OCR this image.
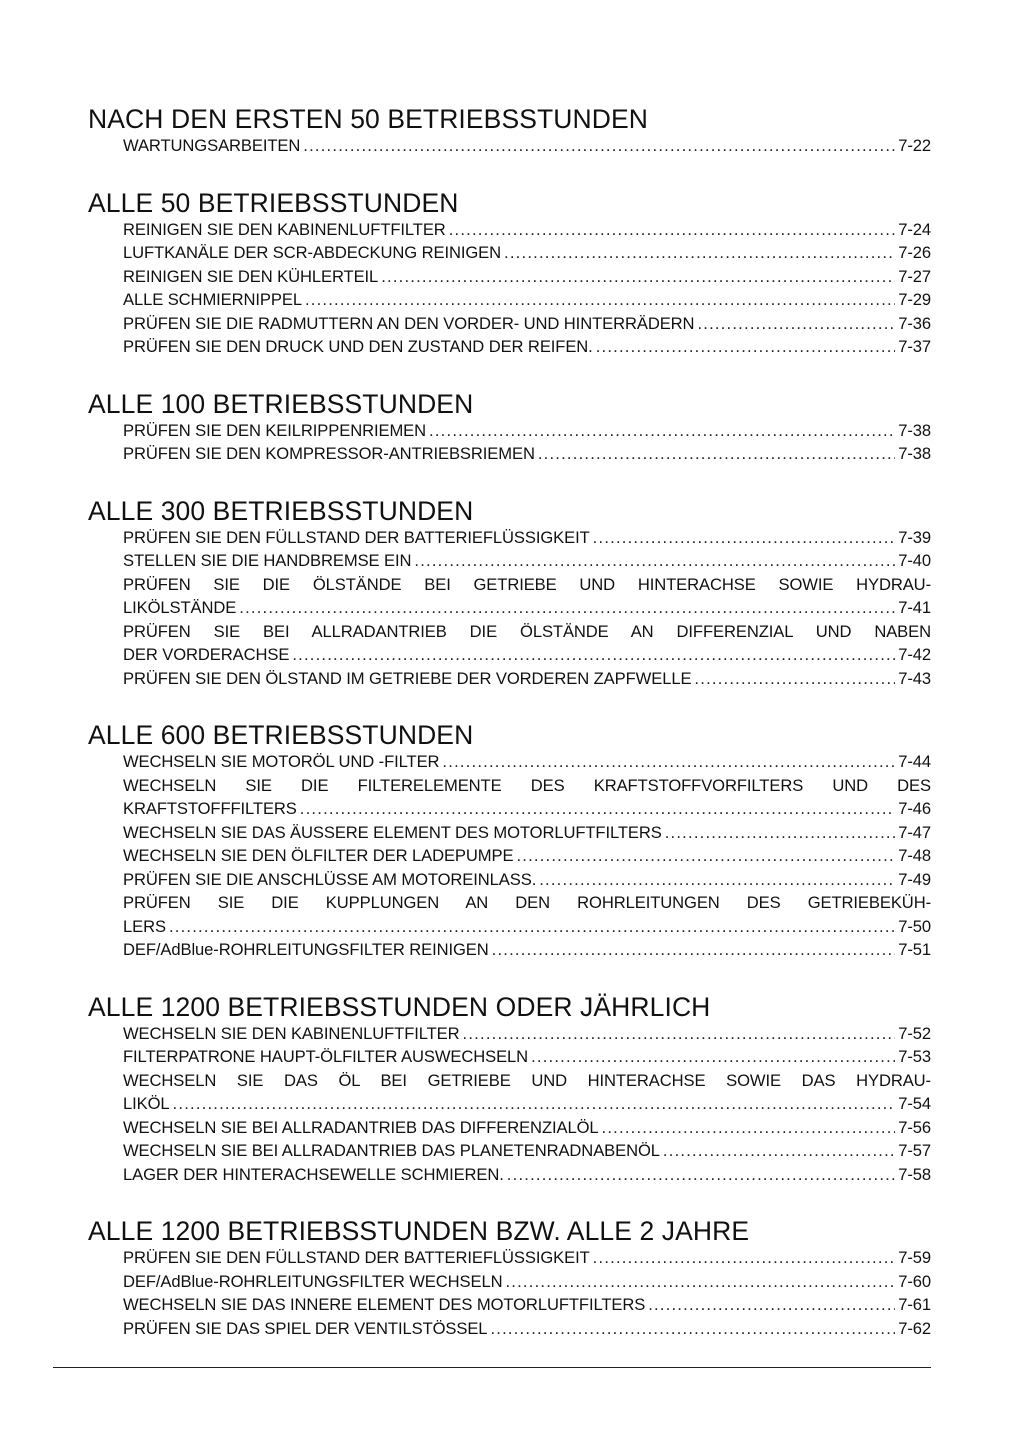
NACH DEN ERSTEN 50 BETRIEBSSTUNDEN
WARTUNGSARBEITEN . . .	7-22
ALLE 50 BETRIEBSSTUNDEN
REINIGEN SIE DEN KABINENLUFTFILTER . . .	7-24
LUFTKANÄLE DER SCR-ABDECKUNG REINIGEN . . .	7-26
REINIGEN SIE DEN KÜHLERTEIL . . .	7-27
ALLE SCHMIERNIPPEL . . .	7-29
PRÜFEN SIE DIE RADMUTTERN AN DEN VORDER- UND HINTERRÄDERN . . .	7-36
PRÜFEN SIE DEN DRUCK UND DEN ZUSTAND DER REIFEN. . . .	7-37
ALLE 100 BETRIEBSSTUNDEN
PRÜFEN SIE DEN KEILRIPPENRIEMEN . . .	7-38
PRÜFEN SIE DEN KOMPRESSOR-ANTRIEBSRIEMEN . . .	7-38
ALLE 300 BETRIEBSSTUNDEN
PRÜFEN SIE DEN FÜLLSTAND DER BATTERIEFLÜSSIGKEIT . . .	7-39
STELLEN SIE DIE HANDBREMSE EIN . . .	7-40
PRÜFEN SIE DIE ÖLSTÄNDE BEI GETRIEBE UND HINTERACHSE SOWIE HYDRAU-
LIKÖLSTÄNDE . . .	7-41
PRÜFEN SIE BEI ALLRADANTRIEB DIE ÖLSTÄNDE AN DIFFERENZIAL UND NABEN
DER VORDERACHSE . . .	7-42
PRÜFEN SIE DEN ÖLSTAND IM GETRIEBE DER VORDEREN ZAPFWELLE . . .	7-43
ALLE 600 BETRIEBSSTUNDEN
WECHSELN SIE MOTORÖL UND -FILTER . . .	7-44
WECHSELN SIE DIE FILTERELEMENTE DES KRAFTSTOFFVORFILTERS UND DES
KRAFTSTOFFFILTERS . . .	7-46
WECHSELN SIE DAS ÄUSSERE ELEMENT DES MOTORLUFTFILTERS . . .	7-47
WECHSELN SIE DEN ÖLFILTER DER LADEPUMPE . . .	7-48
PRÜFEN SIE DIE ANSCHLÜSSE AM MOTOREINLASS. . . .	7-49
PRÜFEN SIE DIE KUPPLUNGEN AN DEN ROHRLEITUNGEN DES GETRIEBEKÜH-
LERS . . .	7-50
DEF/AdBlue-ROHRLEITUNGSFILTER REINIGEN . . .	7-51
ALLE 1200 BETRIEBSSTUNDEN ODER JÄHRLICH
WECHSELN SIE DEN KABINENLUFTFILTER . . .	7-52
FILTERPATRONE HAUPT-ÖLFILTER AUSWECHSELN . . .	7-53
WECHSELN SIE DAS ÖL BEI GETRIEBE UND HINTERACHSE SOWIE DAS HYDRAU-
LIKÖL . . .	7-54
WECHSELN SIE BEI ALLRADANTRIEB DAS DIFFERENZIALÖL . . .	7-56
WECHSELN SIE BEI ALLRADANTRIEB DAS PLANETENRADNABENÖL . . .	7-57
LAGER DER HINTERACHSEWELLE SCHMIEREN. . . .	7-58
ALLE 1200 BETRIEBSSTUNDEN BZW. ALLE 2 JAHRE
PRÜFEN SIE DEN FÜLLSTAND DER BATTERIEFLÜSSIGKEIT . . .	7-59
DEF/AdBlue-ROHRLEITUNGSFILTER WECHSELN . . .	7-60
WECHSELN SIE DAS INNERE ELEMENT DES MOTORLUFTFILTERS . . .	7-61
PRÜFEN SIE DAS SPIEL DER VENTILSTÖSSEL . . .	7-62
